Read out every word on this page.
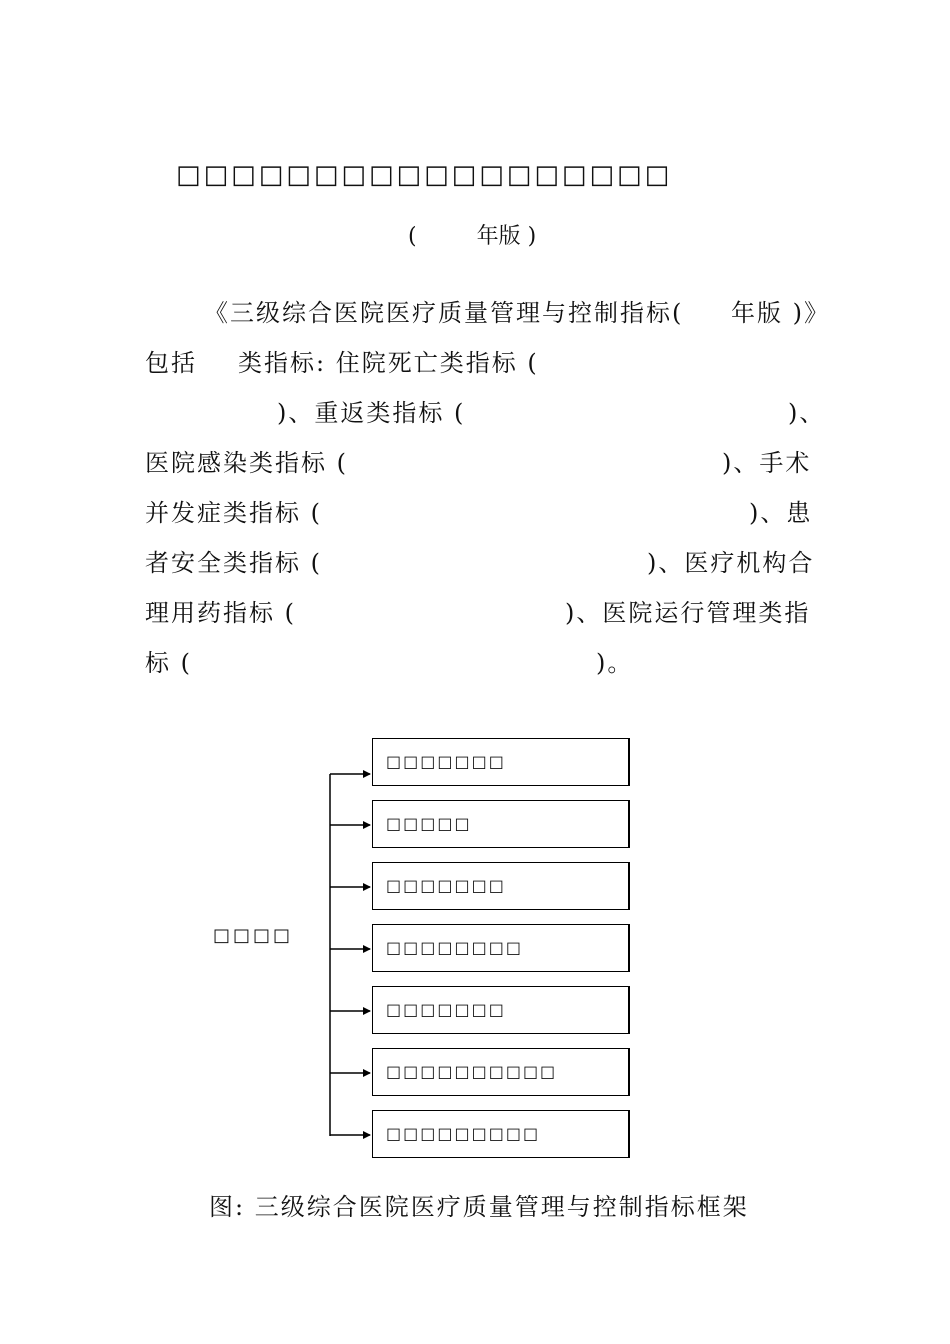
□□□□□□□□□□□□□□□□□□
(	年版 )
《三级综合医院医疗质量管理与控制指标( 年版 )》
包括 类指标: 住院死亡类指标 (
)、重返类指标 (	)、
医院感染类指标 (	)、手术
并发症类指标 (	)、患
者安全类指标 (	)、医疗机构合
理用药指标 (	)、医院运行管理类指
标 (	)。
□□□□
□□□□□□□
□□□□□
□□□□□□□
□□□□□□□□
□□□□□□□
□□□□□□□□□□
□□□□□□□□□
图: 三级综合医院医疗质量管理与控制指标框架
